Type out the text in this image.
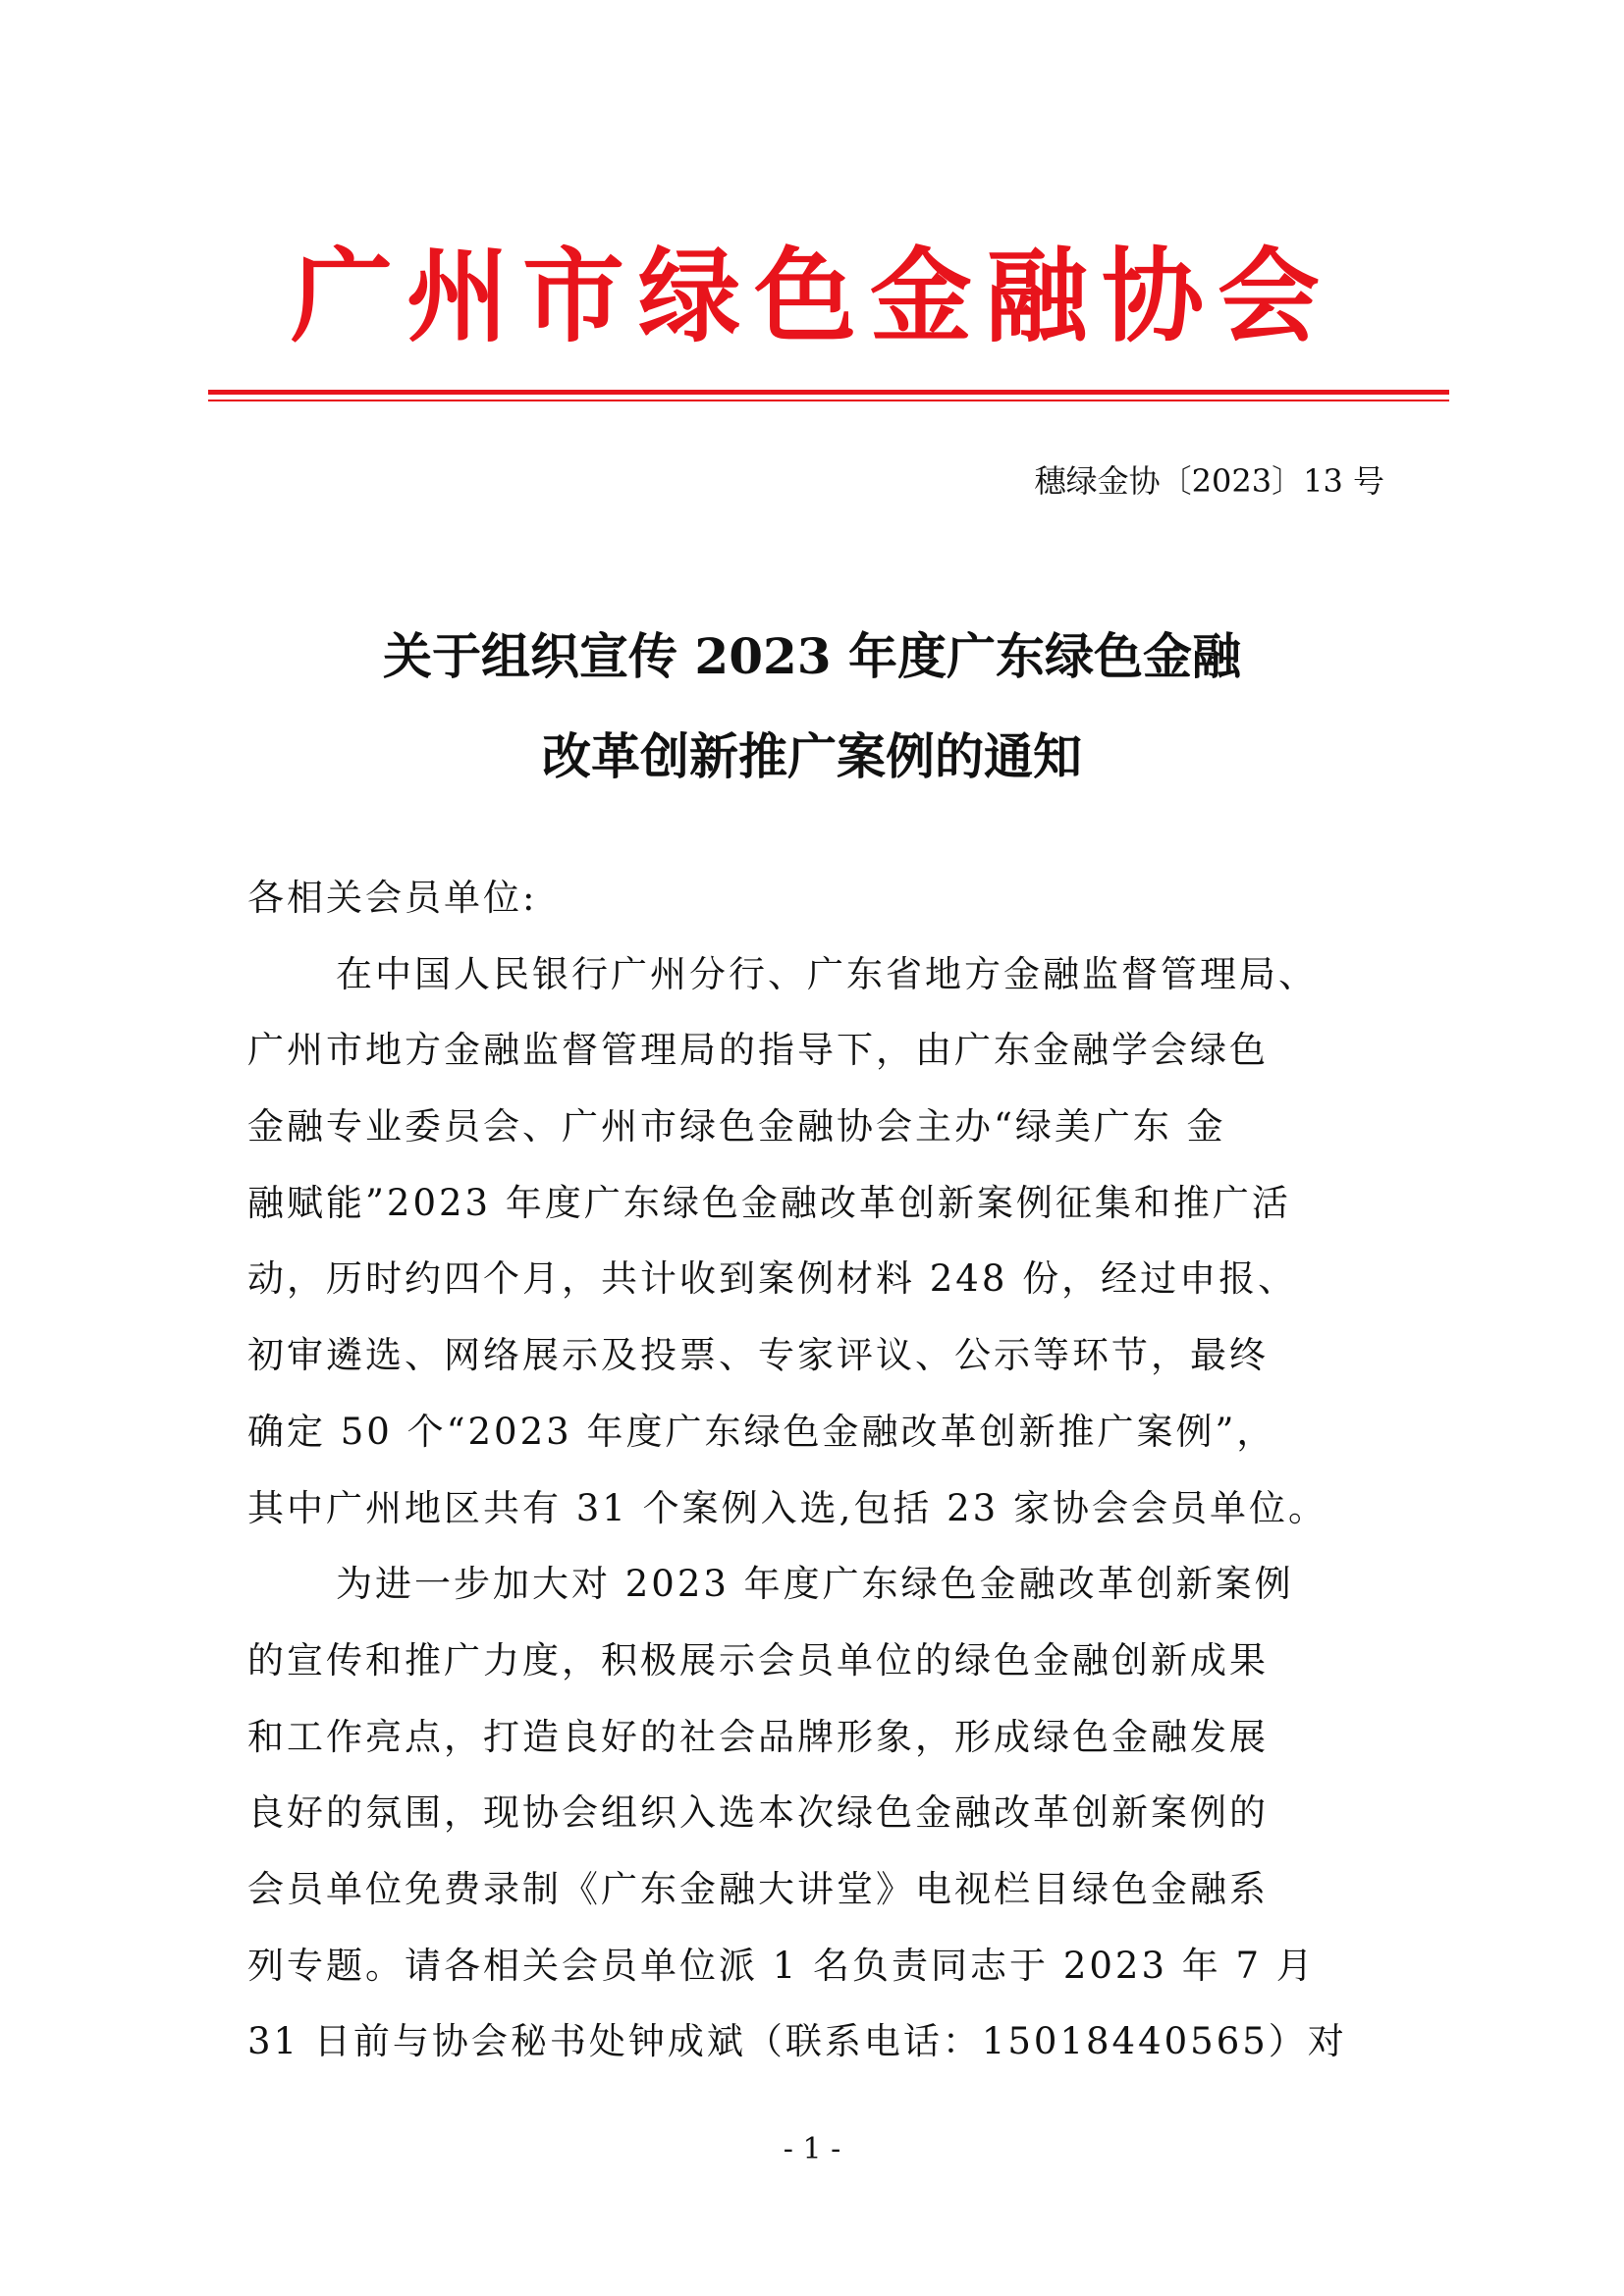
广州市绿色金融协会
穗绿金协〔2023〕13 号
关于组织宣传 2023 年度广东绿色金融
改革创新推广案例的通知
各相关会员单位:
在中国人民银行广州分行、广东省地方金融监督管理局、
广州市地方金融监督管理局的指导下，由广东金融学会绿色
金融专业委员会、广州市绿色金融协会主办“绿美广东 金
融赋能”2023 年度广东绿色金融改革创新案例征集和推广活
动，历时约四个月，共计收到案例材料 248 份，经过申报、
初审遴选、网络展示及投票、专家评议、公示等环节，最终
确定 50 个“2023 年度广东绿色金融改革创新推广案例”，
其中广州地区共有 31 个案例入选,包括 23 家协会会员单位。
为进一步加大对 2023 年度广东绿色金融改革创新案例
的宣传和推广力度，积极展示会员单位的绿色金融创新成果
和工作亮点，打造良好的社会品牌形象，形成绿色金融发展
良好的氛围，现协会组织入选本次绿色金融改革创新案例的
会员单位免费录制《广东金融大讲堂》电视栏目绿色金融系
列专题。请各相关会员单位派 1 名负责同志于 2023 年 7 月
31 日前与协会秘书处钟成斌（联系电话：15018440565）对
- 1 -
